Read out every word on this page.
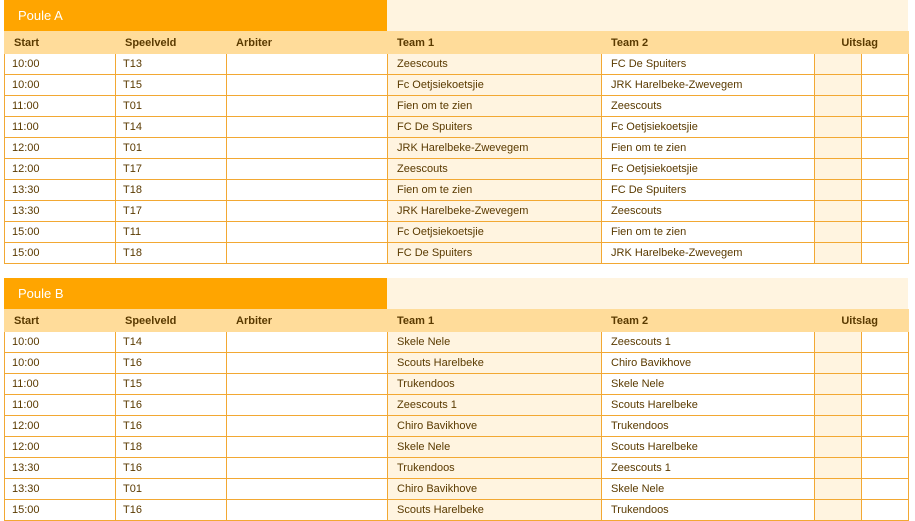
Poule A
Start	Speelveld	Arbiter	Team 1	Team 2	Uitslag	
10:00	T13		Zeescouts	FC De Spuiters		
10:00	T15		Fc Oetjsiekoetsjie	JRK Harelbeke-Zwevegem		
11:00	T01		Fien om te zien	Zeescouts		
11:00	T14		FC De Spuiters	Fc Oetjsiekoetsjie		
12:00	T01		JRK Harelbeke-Zwevegem	Fien om te zien		
12:00	T17		Zeescouts	Fc Oetjsiekoetsjie		
13:30	T18		Fien om te zien	FC De Spuiters		
13:30	T17		JRK Harelbeke-Zwevegem	Zeescouts		
15:00	T11		Fc Oetjsiekoetsjie	Fien om te zien		
15:00	T18		FC De Spuiters	JRK Harelbeke-Zwevegem		
Poule B
Start	Speelveld	Arbiter	Team 1	Team 2	Uitslag	
10:00	T14		Skele Nele	Zeescouts 1		
10:00	T16		Scouts Harelbeke	Chiro Bavikhove		
11:00	T15		Trukendoos	Skele Nele		
11:00	T16		Zeescouts 1	Scouts Harelbeke		
12:00	T16		Chiro Bavikhove	Trukendoos		
12:00	T18		Skele Nele	Scouts Harelbeke		
13:30	T16		Trukendoos	Zeescouts 1		
13:30	T01		Chiro Bavikhove	Skele Nele		
15:00	T16		Scouts Harelbeke	Trukendoos		
